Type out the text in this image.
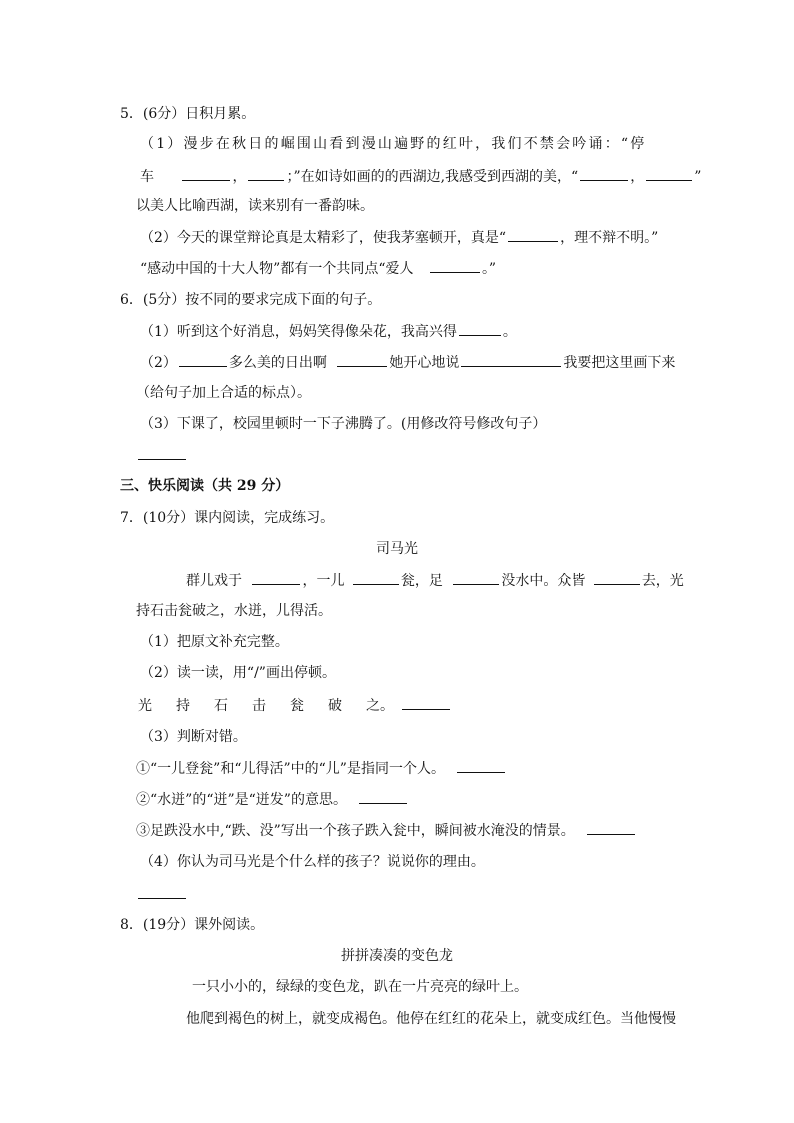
5．(6分）日积月累。
（1）漫步在秋日的崛围山看到漫山遍野的红叶，我们不禁会吟诵：“停
车	，	；”在如诗如画的的西湖边,我感受到西湖的美，“	，	”
以美人比喻西湖，读来别有一番韵味。
（2）今天的课堂辩论真是太精彩了，使我茅塞顿开，真是“	，理不辩不明。”
“感动中国的十大人物”都有一个共同点“爱人	。”
6．(5分）按不同的要求完成下面的句子。
（1）听到这个好消息，妈妈笑得像朵花，我高兴得	。
（2）	多么美的日出啊	她开心地说	我要把这里画下来
（给句子加上合适的标点）。
（3）下课了，校园里顿时一下子沸腾了。(用修改符号修改句子）
三、快乐阅读（共 29 分）
7．(10分）课内阅读，完成练习。
司马光
群儿戏于	，一儿	瓮，足	没水中。众皆	去，光
持石击瓮破之，水迸，儿得活。
（1）把原文补充完整。
（2）读一读，用“/”画出停顿。
光 持 石 击 瓮 破 之。
（3）判断对错。
①“一儿登瓮”和“儿得活”中的“儿”是指同一个人。
②“水迸”的“迸”是“迸发”的意思。
③足跌没水中,“跌、没”写出一个孩子跌入瓮中，瞬间被水淹没的情景。
（4）你认为司马光是个什么样的孩子？说说你的理由。
8．(19分）课外阅读。
拼拼凑凑的变色龙
一只小小的，绿绿的变色龙，趴在一片亮亮的绿叶上。
他爬到褐色的树上，就变成褐色。他停在红红的花朵上，就变成红色。当他慢慢
